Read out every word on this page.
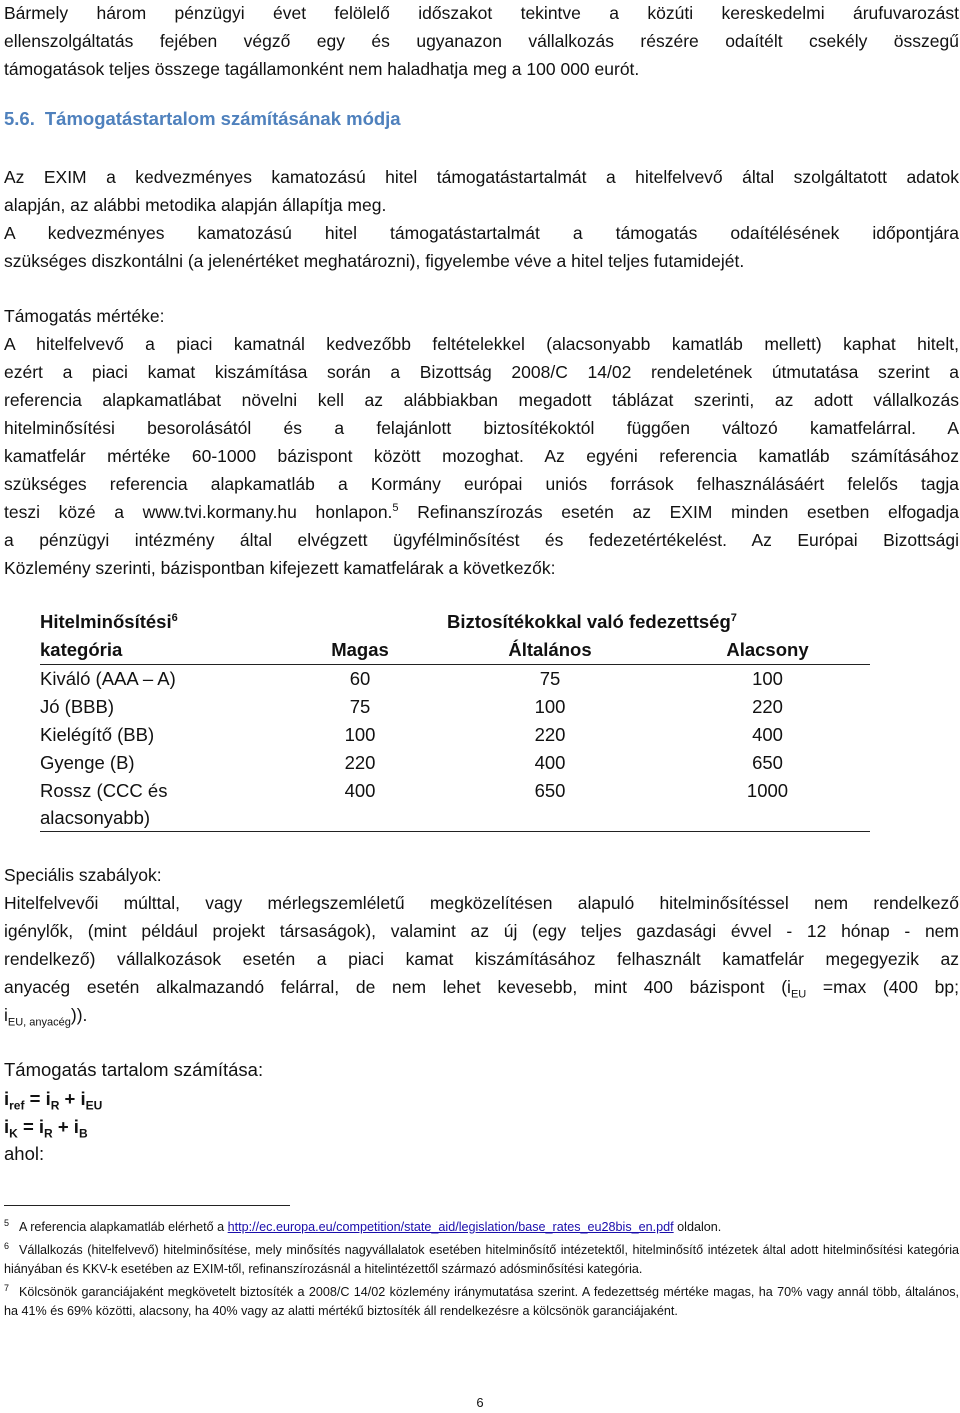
Bármely három pénzügyi évet felölelő időszakot tekintve a közúti kereskedelmi árufuvarozást
ellenszolgáltatás fejében végző egy és ugyanazon vállalkozás részére odaítélt csekély összegű
támogatások teljes összege tagállamonként nem haladhatja meg a 100 000 eurót.

5.6. Támogatástartalom számításának módja

Az EXIM a kedvezményes kamatozású hitel támogatástartalmát a hitelfelvevő által szolgáltatott adatok
alapján, az alábbi metodika alapján állapítja meg.
A kedvezményes kamatozású hitel támogatástartalmát a támogatás odaítélésének időpontjára
szükséges diszkontálni (a jelenértéket meghatározni), figyelembe véve a hitel teljes futamidejét.

Támogatás mértéke:
A hitelfelvevő a piaci kamatnál kedvezőbb feltételekkel (alacsonyabb kamatláb mellett) kaphat hitelt,
ezért a piaci kamat kiszámítása során a Bizottság 2008/C 14/02 rendeletének útmutatása szerint a
referencia alapkamatlábat növelni kell az alábbiakban megadott táblázat szerinti, az adott vállalkozás
hitelminősítési besorolásától és a felajánlott biztosítékoktól függően változó kamatfelárral. A
kamatfelár mértéke 60-1000 bázispont között mozoghat. Az egyéni referencia kamatláb számításához
szükséges referencia alapkamatláb a Kormány európai uniós források felhasználásáért felelős tagja
teszi közé a www.tvi.kormany.hu honlapon.$^5$ Refinanszírozás esetén az EXIM minden esetben elfogadja
a pénzügyi intézmény által elvégzett ügyfélminősítést és fedezetértékelést. Az Európai Bizottsági
Közlemény szerinti, bázispontban kifejezett kamatfelárak a következők:

Hitelminősítési$^6$		Biztosítékokkal való fedezettség$^7$
kategória	Magas	Általános	Alacsony
Kiváló (AAA – A)	60	75	100
Jó (BBB)	75	100	220
Kielégítő (BB)	100	220	400
Gyenge (B)	220	400	650
Rossz (CCC és
alacsonyabb)	400	650	1000

Speciális szabályok:
Hitelfelvevői múlttal, vagy mérlegszemléletű megközelítésen alapuló hitelminősítéssel nem rendelkező
igénylők, (mint például projekt társaságok), valamint az új (egy teljes gazdasági évvel - 12 hónap - nem
rendelkező) vállalkozások esetén a piaci kamat kiszámításához felhasznált kamatfelár megegyezik az
anyacég esetén alkalmazandó felárral, de nem lehet kevesebb, mint 400 bázispont ($i_{EU} =\max$ (400 bp;
$i_{EU, anyacég}$)).

Támogatás tartalom számítása:
$i_{ref} = i_R + i_{EU}$
$i_K = i_R + i_B$
ahol:

$^5$ A referencia alapkamatláb elérhető a http://ec.europa.eu/competition/state_aid/legislation/base_rates_eu28bis_en.pdf oldalon.

$^6$ Vállalkozás (hitelfelvevő) hitelminősítése, mely minősítés nagyvállalatok esetében hitelminősítő intézetektől, hitelminősítő intézetek által adott hitelminősítési kategória hiányában és KKV-k esetében az EXIM-től, refinanszírozásnál a hitelintézettől származó adósminősítési kategória.

$^7$ Kölcsönök garanciájaként megkövetelt biztosíték a 2008/C 14/02 közlemény iránymutatása szerint. A fedezettség mértéke magas, ha 70% vagy annál több, általános, ha 41% és 69% közötti, alacsony, ha 40% vagy az alatti mértékű biztosíték áll rendelkezésre a kölcsönök garanciájaként.

6
